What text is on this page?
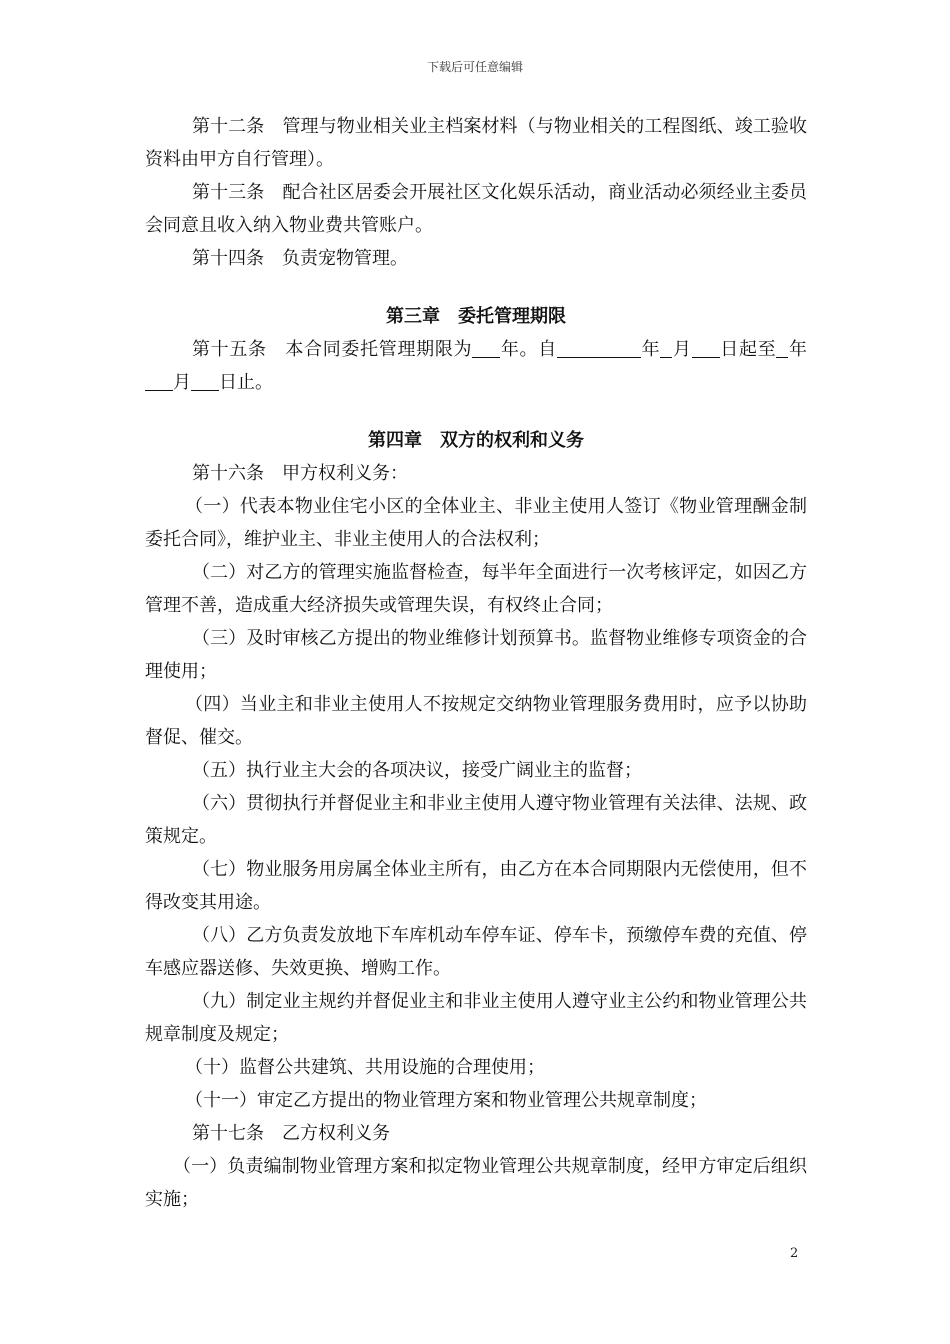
下载后可任意编辑

第十二条　管理与物业相关业主档案材料（与物业相关的工程图纸、竣工验收资料由甲方自行管理）。

第十三条　配合社区居委会开展社区文化娱乐活动，商业活动必须经业主委员会同意且收入纳入物业费共管账户。

第十四条　负责宠物管理。

第三章　委托管理期限

第十五条　本合同委托管理期限为 年。自	年 月 日起至 年月 日止。

第四章　双方的权利和义务

第十六条　甲方权利义务：

（一）代表本物业住宅小区的全体业主、非业主使用人签订《物业管理酬金制委托合同》，维护业主、非业主使用人的合法权利；

（二）对乙方的管理实施监督检查，每半年全面进行一次考核评定，如因乙方管理不善，造成重大经济损失或管理失误，有权终止合同；

（三）及时审核乙方提出的物业维修计划预算书。监督物业维修专项资金的合理使用；

（四）当业主和非业主使用人不按规定交纳物业管理服务费用时，应予以协助督促、催交。

（五）执行业主大会的各项决议，接受广阔业主的监督；

（六）贯彻执行并督促业主和非业主使用人遵守物业管理有关法律、法规、政策规定。

（七）物业服务用房属全体业主所有，由乙方在本合同期限内无偿使用，但不得改变其用途。

（八）乙方负责发放地下车库机动车停车证、停车卡，预缴停车费的充值、停车感应器送修、失效更换、增购工作。

（九）制定业主规约并督促业主和非业主使用人遵守业主公约和物业管理公共规章制度及规定；

（十）监督公共建筑、共用设施的合理使用；

（十一）审定乙方提出的物业管理方案和物业管理公共规章制度；

第十七条　乙方权利义务

（一）负责编制物业管理方案和拟定物业管理公共规章制度，经甲方审定后组织实施；

2
